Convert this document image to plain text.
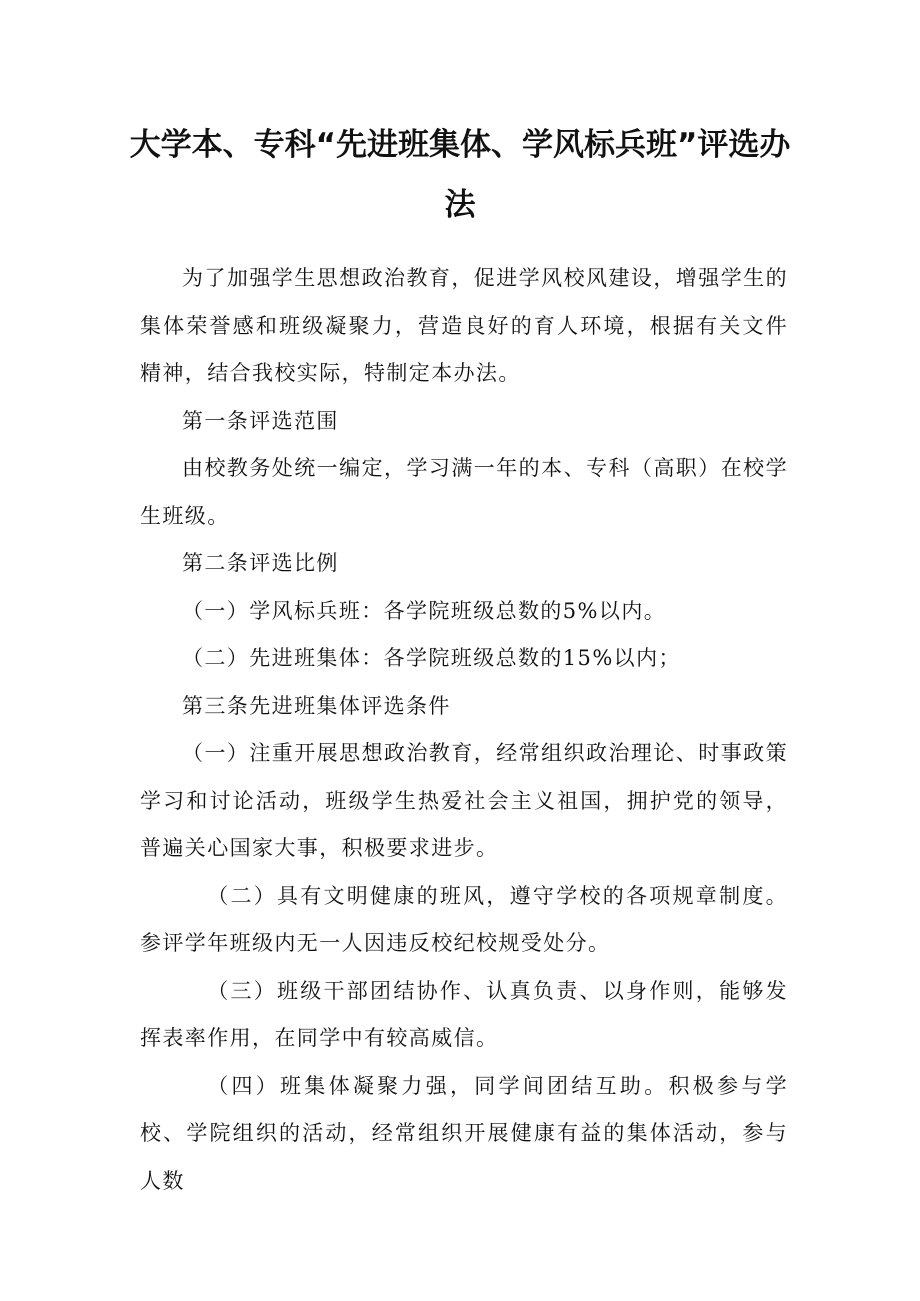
大学本、专科“先进班集体、学风标兵班”评选办法

为了加强学生思想政治教育，促进学风校风建设，增强学生的集体荣誉感和班级凝聚力，营造良好的育人环境，根据有关文件精神，结合我校实际，特制定本办法。

第一条评选范围

由校教务处统一编定，学习满一年的本、专科（高职）在校学生班级。

第二条评选比例

（一）学风标兵班：各学院班级总数的5%以内。

（二）先进班集体：各学院班级总数的15%以内；

第三条先进班集体评选条件

（一）注重开展思想政治教育，经常组织政治理论、时事政策学习和讨论活动，班级学生热爱社会主义祖国，拥护党的领导，普遍关心国家大事，积极要求进步。

（二）具有文明健康的班风，遵守学校的各项规章制度。参评学年班级内无一人因违反校纪校规受处分。

（三）班级干部团结协作、认真负责、以身作则，能够发挥表率作用，在同学中有较高威信。

（四）班集体凝聚力强，同学间团结互助。积极参与学校、学院组织的活动，经常组织开展健康有益的集体活动，参与人数
